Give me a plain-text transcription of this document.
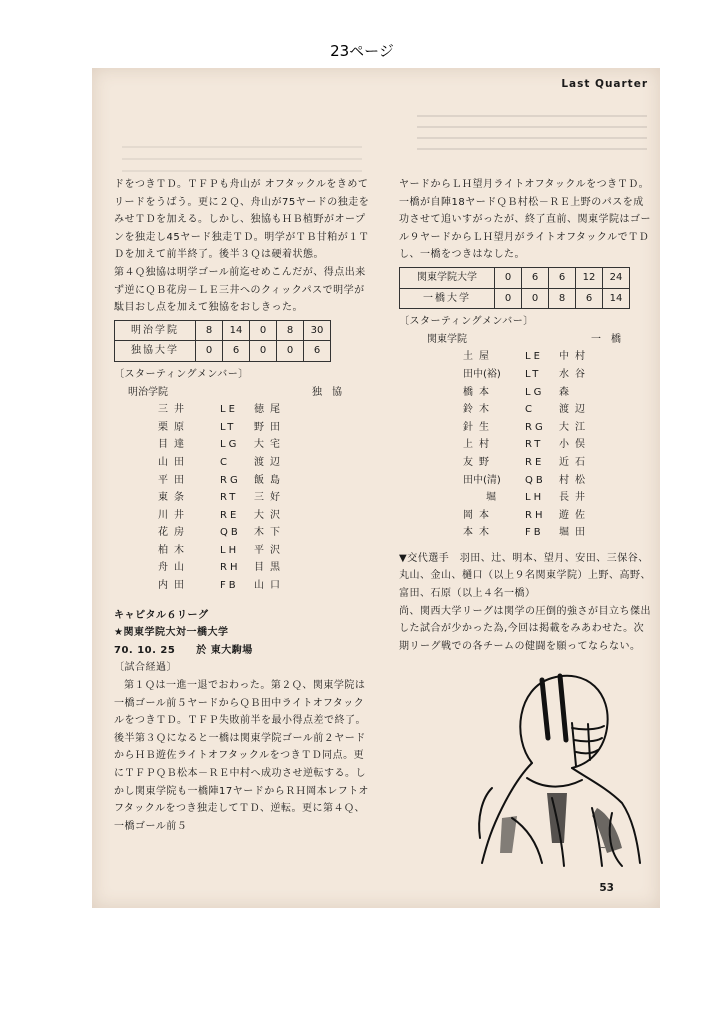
23ページ
Last Quarter

ドをつきＴＤ。ＴＦＰも舟山が オフタックルをきめてリードをうばう。更に２Ｑ、舟山が75ヤードの独走をみせＴＤを加える。しかし、独協もＨＢ植野がオープンを独走し45ヤード独走ＴＤ。明学がＴＢ甘粕が１ＴＤを加えて前半終了。後半３Ｑは硬着状態。

第４Ｑ独協は明学ゴール前迄せめこんだが、得点出来ず逆にＱＢ花房－ＬＥ三井へのクィックパスで明学が駄目おし点を加えて独協をおしきった。

明治学院	8	14	0	8	30
独協大学	0	6	0	0	6

〔スターティングメンバー〕

明治学院	独　協
三井	LE	徳尾
栗原	LT	野田
目達	LG	大宅
山田	C	渡辺
平田	RG	飯島
東条	RT	三好
川井	RE	大沢
花房	QB	木下
柏木	LH	平沢
舟山	RH	目黒
内田	FB	山口

キャピタル６リーグ

★関東学院大対一橋大学

70. 10. 25　　於 東大駒場

〔試合経過〕

第１Ｑは一進一退でおわった。第２Ｑ、関東学院は一橋ゴール前５ヤードからＱＢ田中ライトオフタックルをつきＴＤ。ＴＦＰ失敗前半を最小得点差で終了。後半第３Ｑになると一橋は関東学院ゴール前２ヤードからＨＢ遊佐ライトオフタックルをつきＴＤ同点。更にＴＦＰＱＢ松本－ＲＥ中村へ成功させ逆転する。しかし関東学院も一橋陣17ヤードからＲＨ岡本レフトオフタックルをつき独走してＴＤ、逆転。更に第４Ｑ、一橋ゴール前５

ヤードからＬＨ望月ライトオフタックルをつきＴＤ。一橋が自陣18ヤードＱＢ村松－ＲＥ上野のパスを成功させて追いすがったが、終了直前、関東学院はゴール９ヤードからＬＨ望月がライトオフタックルでＴＤし、一橋をつきはなした。

関東学院大学	0	6	6	12	24
一橋大学	0	0	8	6	14

〔スターティングメンバー〕

関東学院	一　橋
土屋	LE	中村
田中(裕)	LT	水谷
橋本	LG	森
鈴木	C	渡辺
針生	RG	大江
上村	RT	小俣
友野	RE	近石
田中(清)	QB	村松
堀	LH	長井
岡本	RH	遊佐
本木	FB	堀田

▼交代選手　羽田、辻、明本、望月、安田、三保谷、丸山、金山、樋口（以上９名関東学院）上野、高野、富田、石原（以上４名一橋）

尚、関西大学リーグは関学の圧倒的強さが目立ち傑出した試合が少かった為,今回は掲載をみあわせた。次期リーグ戦での各チームの健闘を願ってならない。

~
53
